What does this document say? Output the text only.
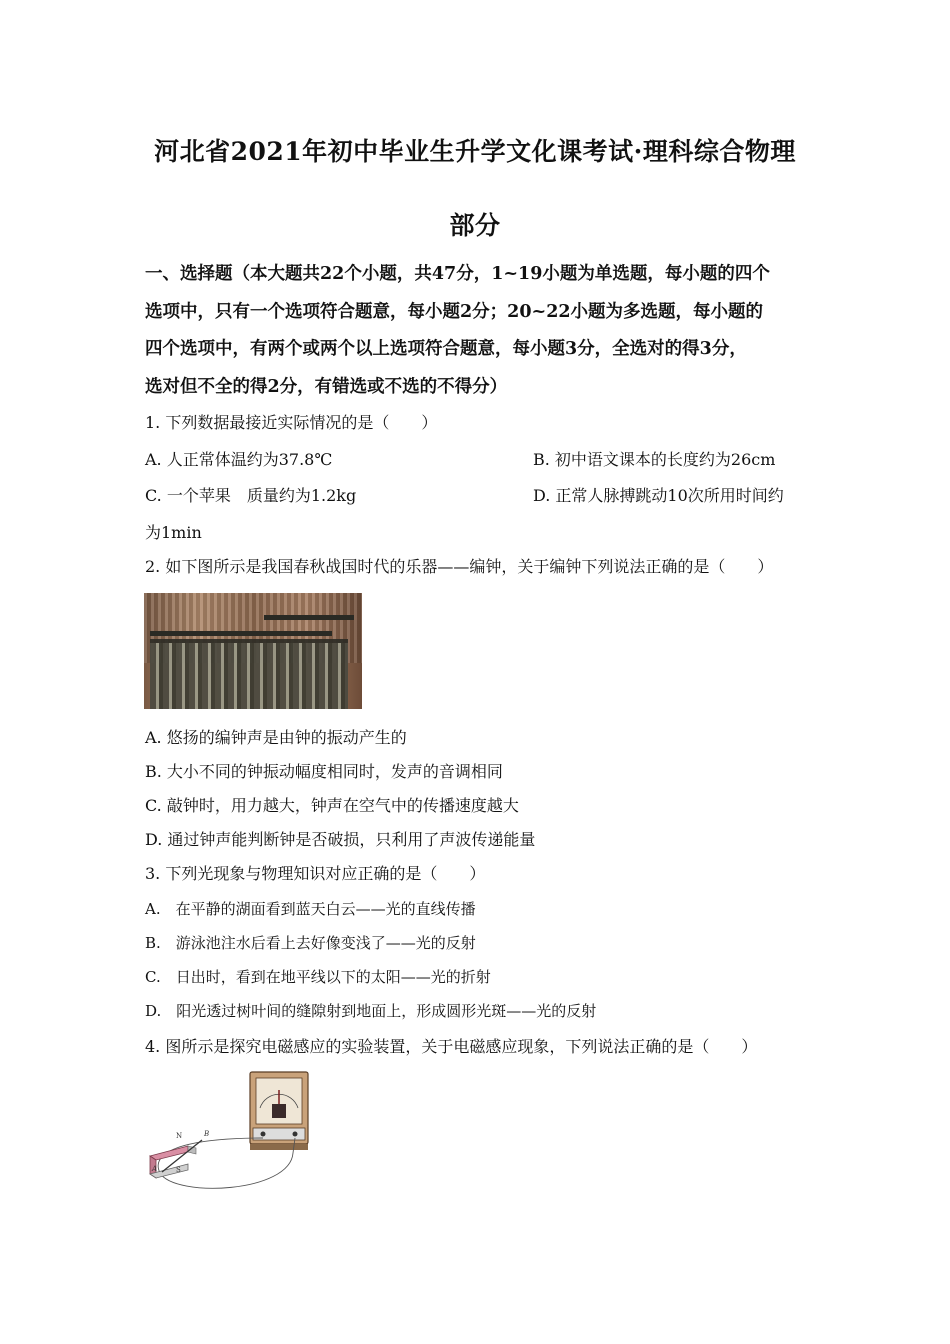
河北省2021年初中毕业生升学文化课考试·理科综合物理
部分
一、选择题（本大题共22个小题，共47分，1~19小题为单选题，每小题的四个
选项中，只有一个选项符合题意，每小题2分；20~22小题为多选题，每小题的
四个选项中，有两个或两个以上选项符合题意，每小题3分，全选对的得3分，
选对但不全的得2分，有错选或不选的不得分）
1. 下列数据最接近实际情况的是（　　）
A. 人正常体温约为37.8℃	B. 初中语文课本的长度约为26cm
C. 一个苹果　质量约为1.2kg	D. 正常人脉搏跳动10次所用时间约
为1min
2. 如下图所示是我国春秋战国时代的乐器——编钟，关于编钟下列说法正确的是（　　）
A. 悠扬的编钟声是由钟的振动产生的
B. 大小不同的钟振动幅度相同时，发声的音调相同
C. 敲钟时，用力越大，钟声在空气中的传播速度越大
D. 通过钟声能判断钟是否破损，只利用了声波传递能量
3. 下列光现象与物理知识对应正确的是（　　）
A.　在平静的湖面看到蓝天白云——光的直线传播
B.　游泳池注水后看上去好像变浅了——光的反射
C.　日出时，看到在地平线以下的太阳——光的折射
D.　阳光透过树叶间的缝隙射到地面上，形成圆形光斑——光的反射
4. 图所示是探究电磁感应的实验装置，关于电磁感应现象，下列说法正确的是（　　）
N
S
A
B
